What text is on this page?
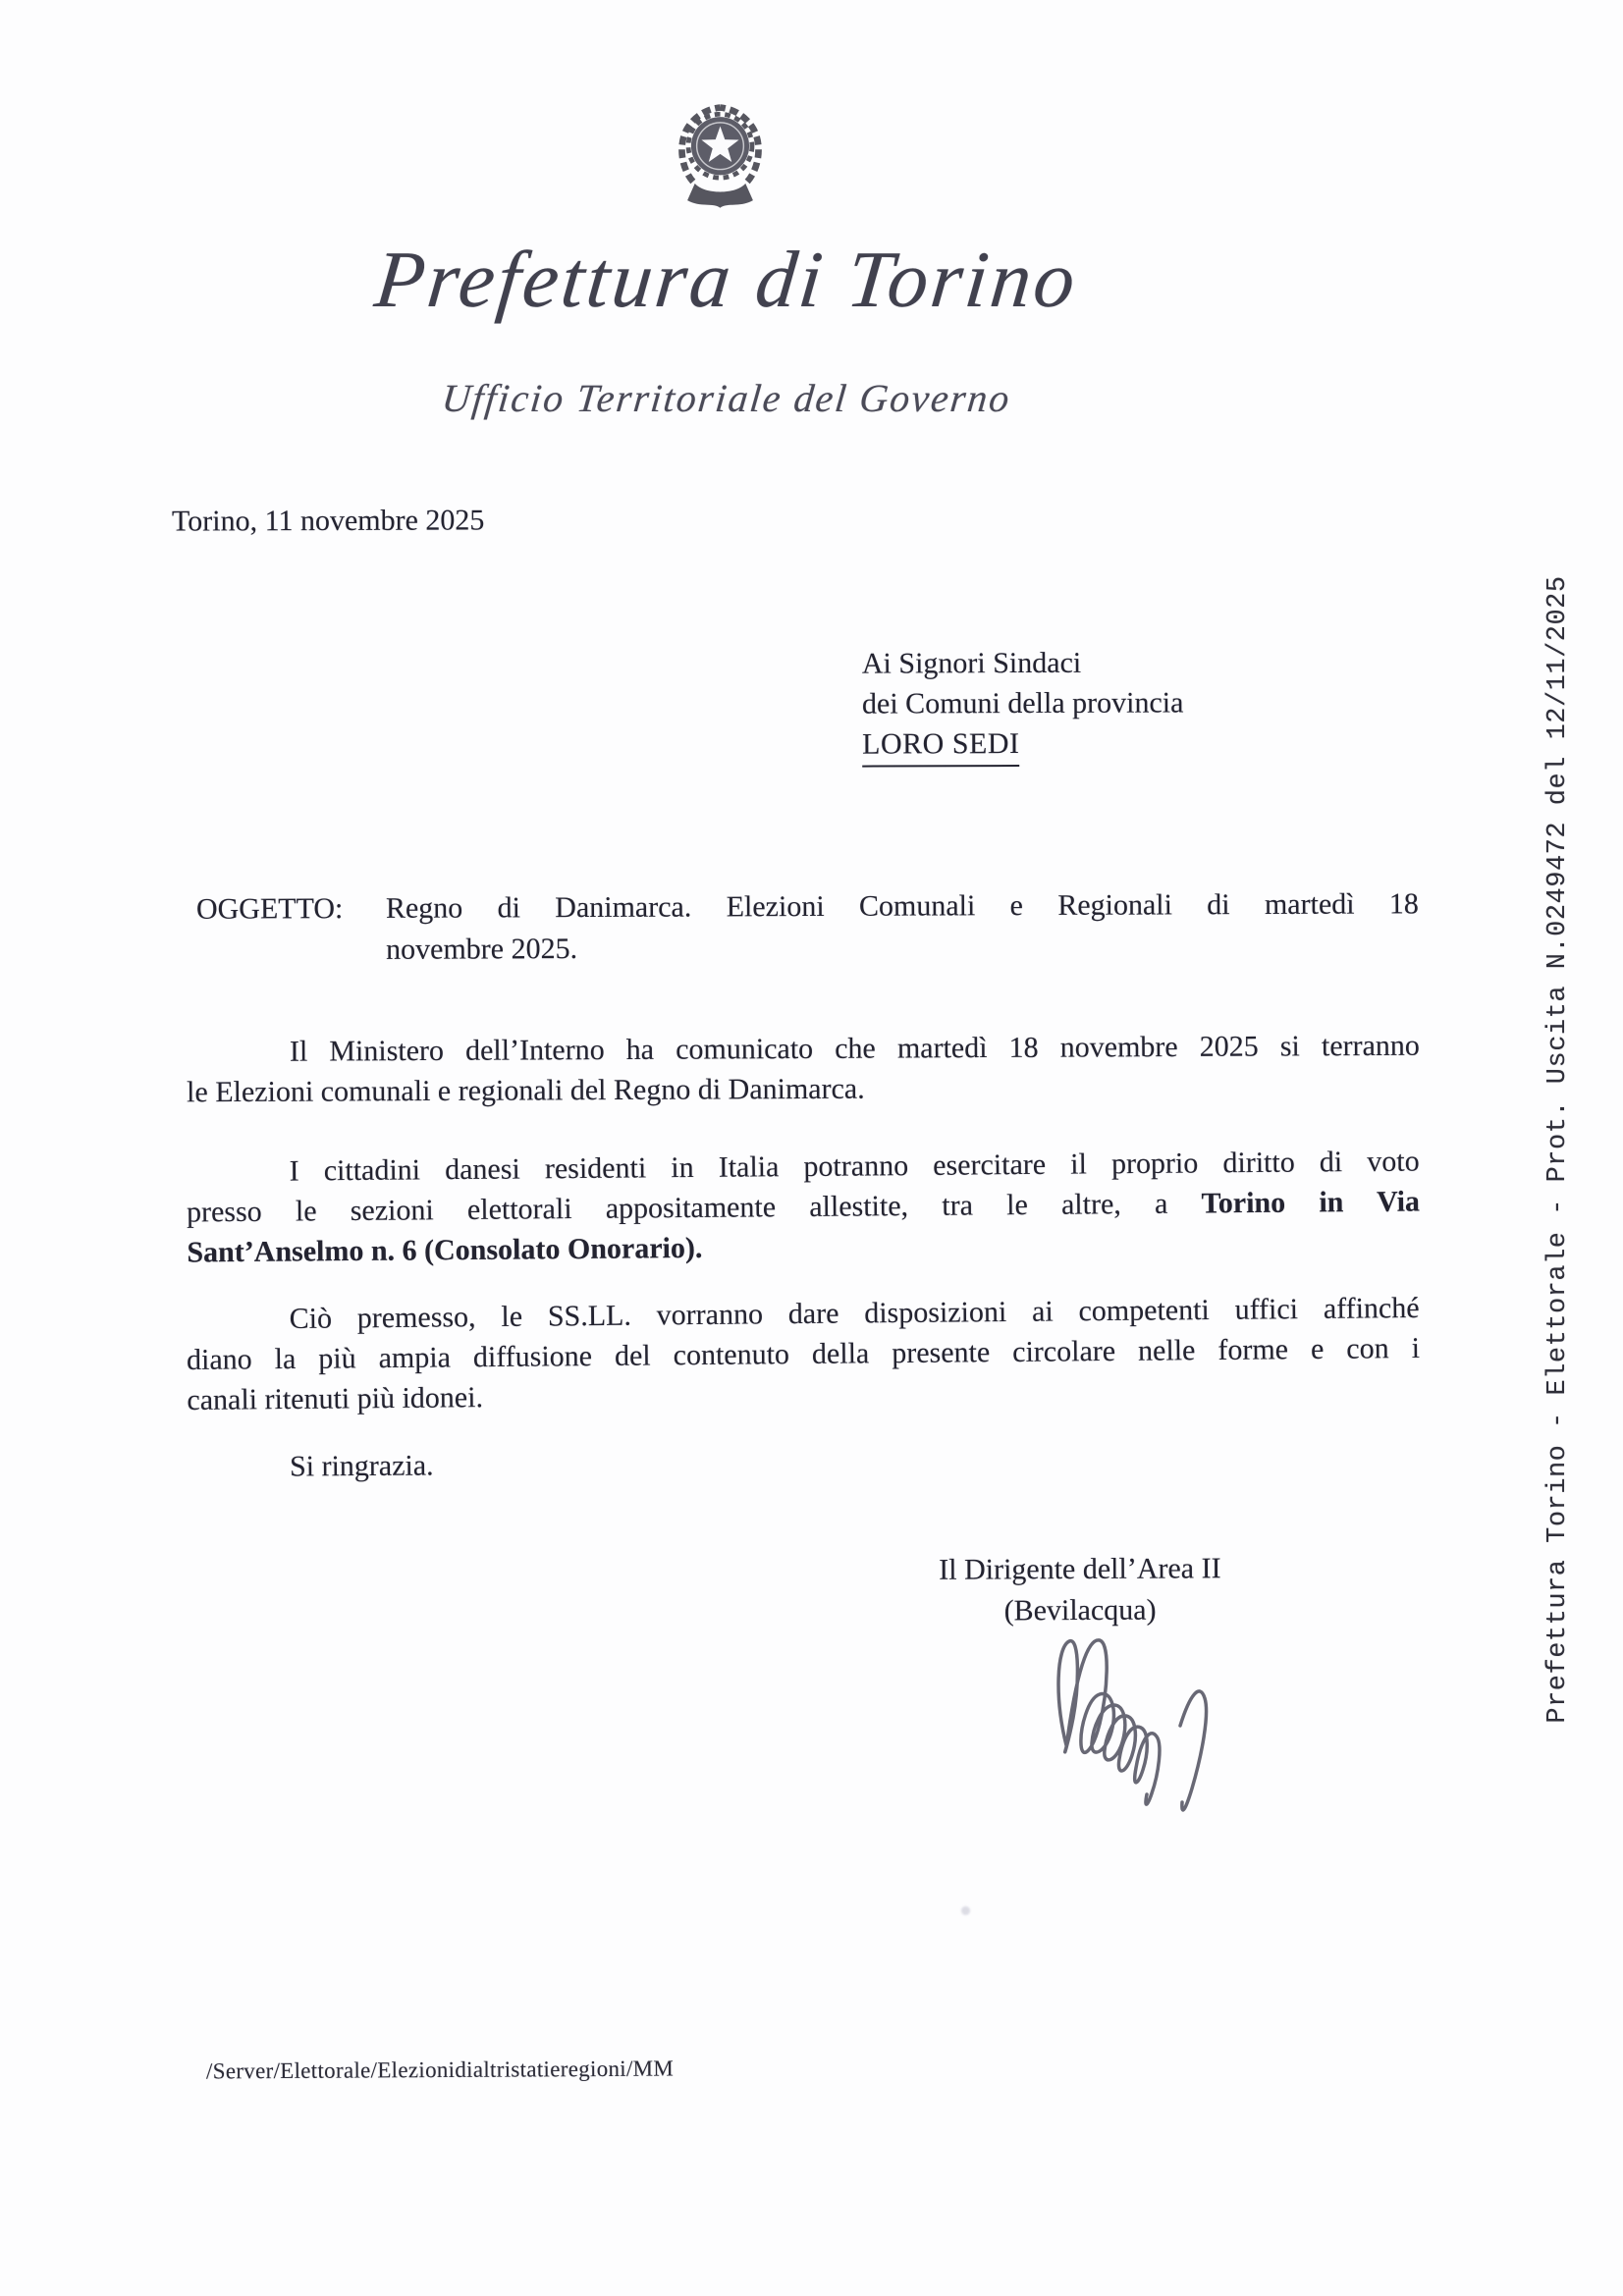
Prefettura di Torino
Ufficio Territoriale del Governo
Torino, 11 novembre 2025
Ai Signori Sindaci
dei Comuni della provincia
LORO SEDI
OGGETTO: Regno di Danimarca. Elezioni Comunali e Regionali di martedì 18
novembre 2025.
Il Ministero dell’Interno ha comunicato che martedì 18 novembre 2025 si terranno
le Elezioni comunali e regionali del Regno di Danimarca.
I cittadini danesi residenti in Italia potranno esercitare il proprio diritto di voto
presso le sezioni elettorali appositamente allestite, tra le altre, a Torino in Via
Sant’Anselmo n. 6 (Consolato Onorario).
Ciò premesso, le SS.LL. vorranno dare disposizioni ai competenti uffici affinché
diano la più ampia diffusione del contenuto della presente circolare nelle forme e con i
canali ritenuti più idonei.
Si ringrazia.
Il Dirigente dell’Area II
(Bevilacqua)	Prefettura Torino - Elettorale - Prot. Uscita N.0249472 del 12/11/2025
/Server/Elettorale/Elezionidialtristatieregioni/MM
